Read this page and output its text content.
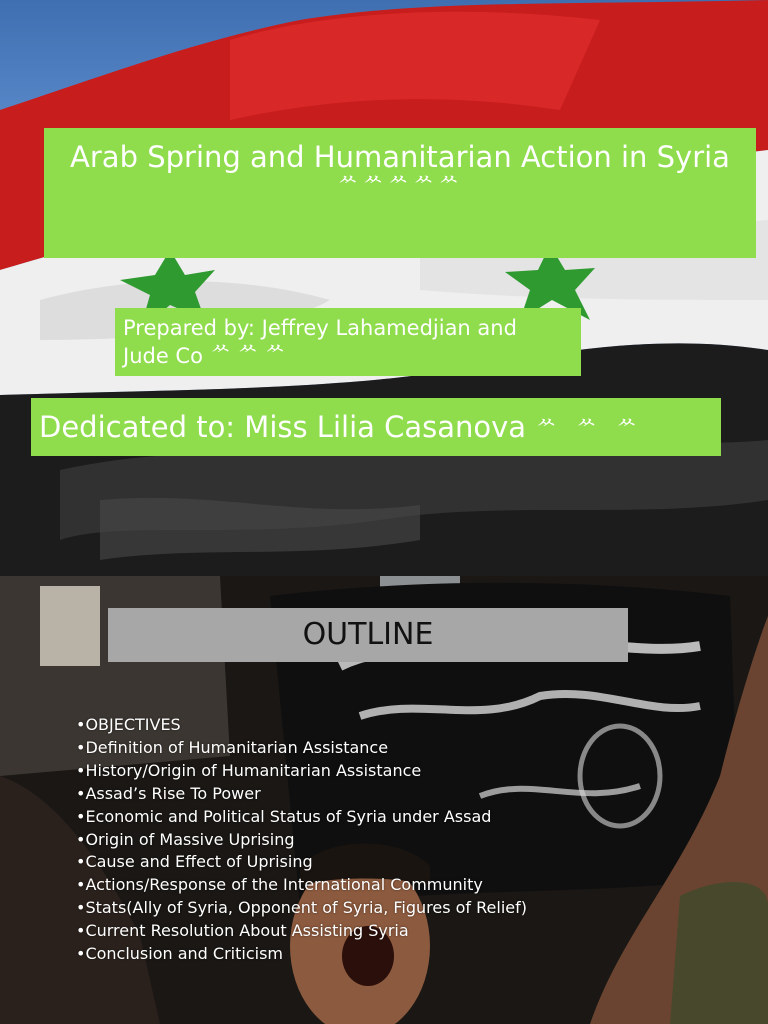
Arab Spring and Humanitarian Action in Syria
ᄊᄊᄊᄊᄊ
Prepared by: Jeffrey Lahamedjian and
Jude Co ᄊᄊᄊ
Dedicated to: Miss Lilia Casanova ᄊ ᄊ ᄊ
OUTLINE
•OBJECTIVES
•Definition of Humanitarian Assistance
•History/Origin of Humanitarian Assistance
•Assad’s Rise To Power
•Economic and Political Status of Syria under Assad
•Origin of Massive Uprising
•Cause and Effect of Uprising
•Actions/Response of the International Community
•Stats(Ally of Syria, Opponent of Syria, Figures of Relief)
•Current Resolution About Assisting Syria
•Conclusion and Criticism
